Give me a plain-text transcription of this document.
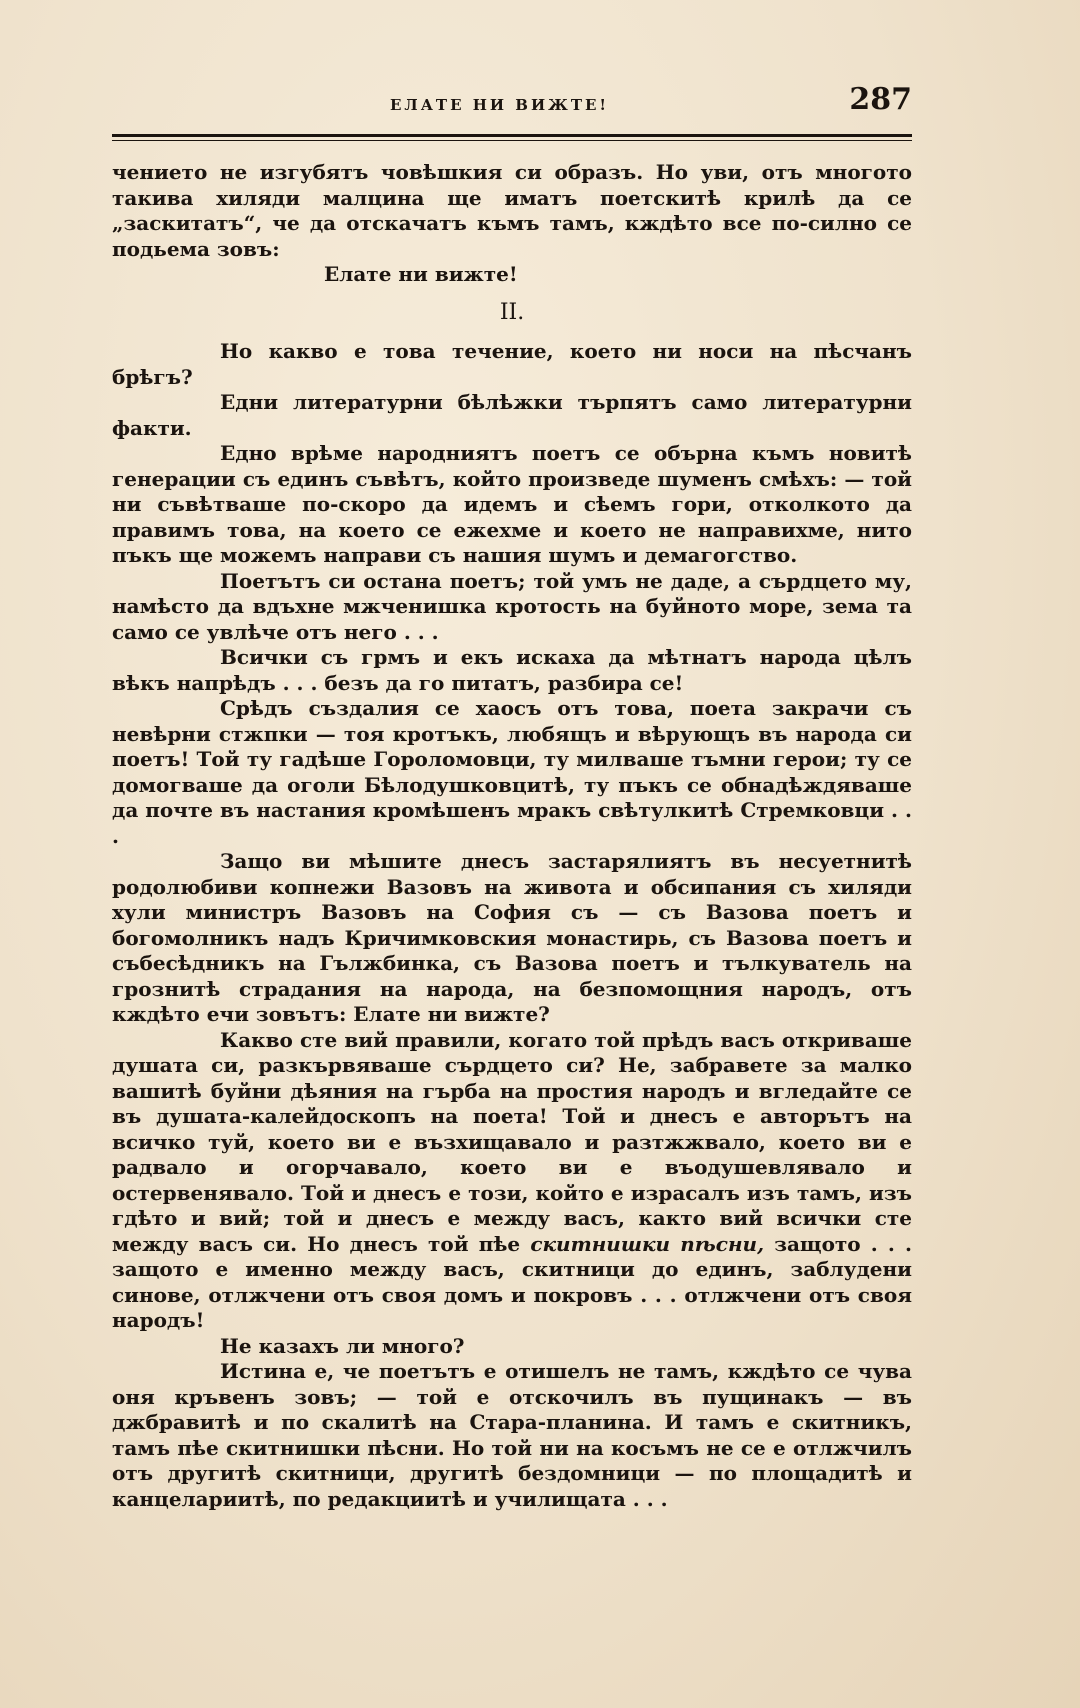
ЕЛАТЕ НИ ВИЖТЕ!	287

чението не изгубятъ човѣшкия си образъ. Но уви, отъ многото такива хиляди малцина ще иматъ поетскитѣ крилѣ да се „заскитатъ“, че да отскачатъ къмъ тамъ, кждѣто все по-силно се подьема зовъ:

Елате ни вижте!

II.

Но какво е това течение, което ни носи на пѣсчанъ брѣгъ?

Едни литературни бѣлѣжки търпятъ само литературни факти.

Едно врѣме народниятъ поетъ се обърна къмъ новитѣ генерации съ единъ съвѣтъ, който произведе шуменъ смѣхъ: — той ни съвѣтваше по-скоро да идемъ и сѣемъ гори, отколкото да правимъ това, на което се ежехме и което не направихме, нито пъкъ ще можемъ направи съ нашия шумъ и демагогство.

Поетътъ си остана поетъ; той умъ не даде, а сърдцето му, намѣсто да вдъхне мжченишка кротость на буйното море, зема та само се увлѣче отъ него . . .

Всички съ грмъ и екъ искаха да мѣтнатъ народа цѣлъ вѣкъ напрѣдъ . . . безъ да го питатъ, разбира се!

Срѣдъ създалия се хаосъ отъ това, поета закрачи съ невѣрни стжпки — тоя кротъкъ, любящъ и вѣрующъ въ народа си поетъ! Той ту гадѣше Гороломовци, ту милваше тъмни герои; ту се домогваше да оголи Бѣлодушковцитѣ, ту пъкъ се обнадѣждяваше да почте въ настания кромѣшенъ мракъ свѣтулкитѣ Стремковци . . .

Защо ви мѣшите днесъ застарялиятъ въ несуетнитѣ родолюбиви копнежи Вазовъ на живота и обсипания съ хиляди хули министръ Вазовъ на София съ — съ Вазова поетъ и богомолникъ надъ Кричимковския монастирь, съ Вазова поетъ и събесѣдникъ на Гължбинка, съ Вазова поетъ и тълкуватель на грознитѣ страдания на народа, на безпомощния народъ, отъ кждѣто ечи зовътъ: Елате ни вижте?

Какво сте вий правили, когато той прѣдъ васъ откриваше душата си, разкървяваше сърдцето си? Не, забравете за малко вашитѣ буйни дѣяния на гърба на простия народъ и вгледайте се въ душата-калейдоскопъ на поета! Той и днесъ е авторътъ на всичко туй, което ви е възхищавало и разтжжвало, което ви е радвало и огорчавало, което ви е въодушевлявало и остервенявало. Той и днесъ е този, който е израсалъ изъ тамъ, изъ гдѣто и вий; той и днесъ е между васъ, както вий всички сте между васъ си. Но днесъ той пѣе скитнишки пѣсни, защото . . . защото е именно между васъ, скитници до единъ, заблудени синове, отлжчени отъ своя домъ и покровъ . . . отлжчени отъ своя народъ!

Не казахъ ли много?

Истина е, че поетътъ е отишелъ не тамъ, кждѣто се чува оня кръвенъ зовъ; — той е отскочилъ въ пущинакъ — въ джбравитѣ и по скалитѣ на Стара-планина. И тамъ е скитникъ, тамъ пѣе скитнишки пѣсни. Но той ни на косъмъ не се е отлжчилъ отъ другитѣ скитници, другитѣ бездомници — по площадитѣ и канцелариитѣ, по редакциитѣ и училищата . . .
